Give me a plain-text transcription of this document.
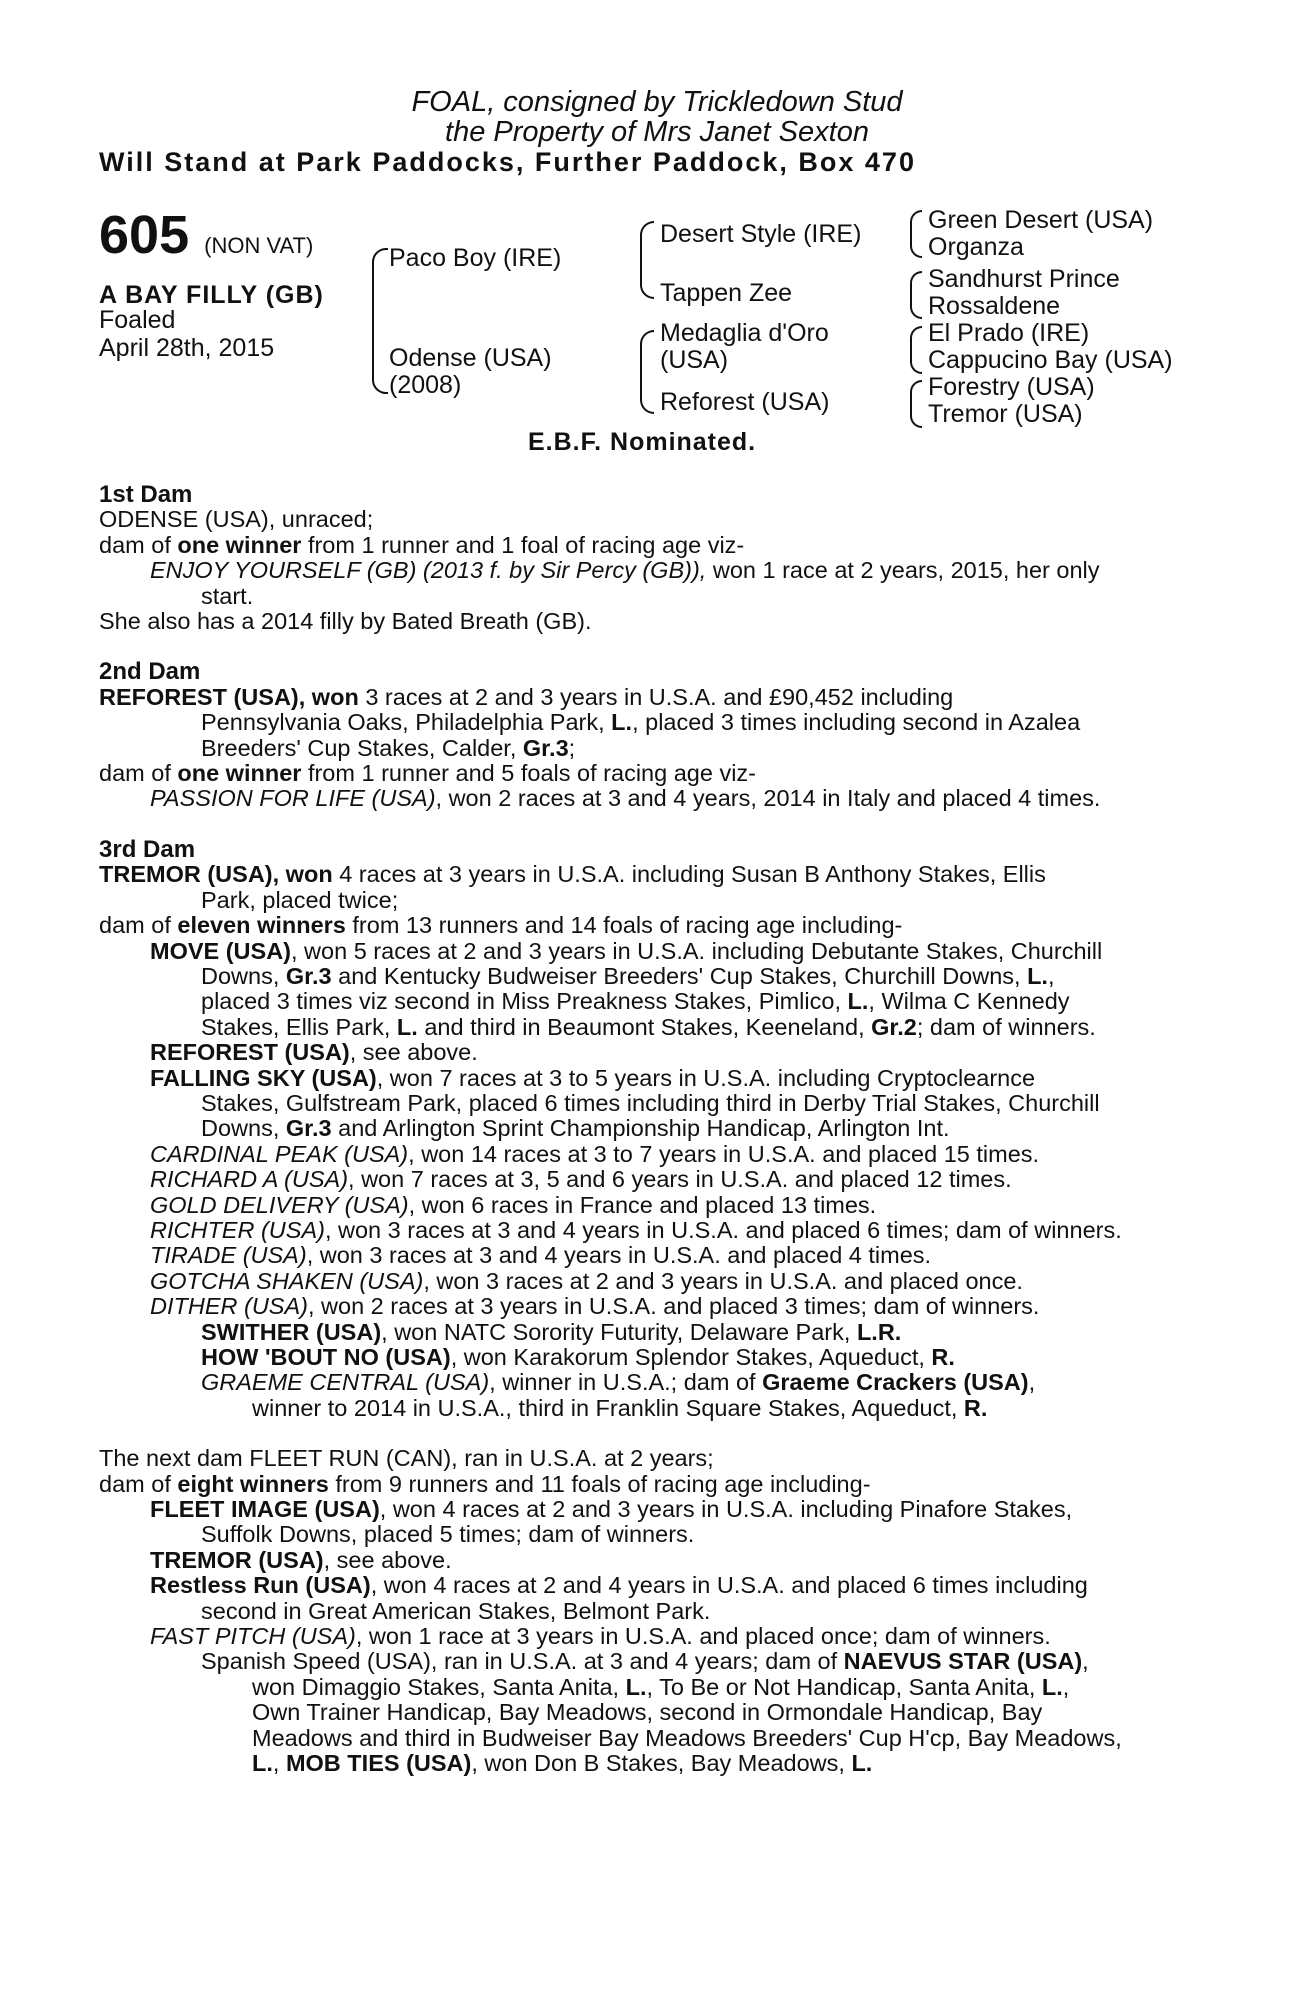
FOAL, consigned by Trickledown Stud
the Property of Mrs Janet Sexton
Will Stand at Park Paddocks, Further Paddock, Box 470
605 (NON VAT)
A BAY FILLY (GB)
Foaled
April 28th, 2015
Paco Boy (IRE)
Odense (USA)
(2008)
Desert Style (IRE)
Tappen Zee
Medaglia d'Oro
(USA)
Reforest (USA)
Green Desert (USA)
Organza
Sandhurst Prince
Rossaldene
El Prado (IRE)
Cappucino Bay (USA)
Forestry (USA)
Tremor (USA)
E.B.F. Nominated.
1st Dam
ODENSE (USA), unraced;
dam of one winner from 1 runner and 1 foal of racing age viz-
ENJOY YOURSELF (GB) (2013 f. by Sir Percy (GB)), won 1 race at 2 years, 2015, her only
start.
She also has a 2014 filly by Bated Breath (GB).
2nd Dam
REFOREST (USA), won 3 races at 2 and 3 years in U.S.A. and £90,452 including
Pennsylvania Oaks, Philadelphia Park, L., placed 3 times including second in Azalea
Breeders' Cup Stakes, Calder, Gr.3;
dam of one winner from 1 runner and 5 foals of racing age viz-
PASSION FOR LIFE (USA), won 2 races at 3 and 4 years, 2014 in Italy and placed 4 times.
3rd Dam
TREMOR (USA), won 4 races at 3 years in U.S.A. including Susan B Anthony Stakes, Ellis
Park, placed twice;
dam of eleven winners from 13 runners and 14 foals of racing age including-
MOVE (USA), won 5 races at 2 and 3 years in U.S.A. including Debutante Stakes, Churchill
Downs, Gr.3 and Kentucky Budweiser Breeders' Cup Stakes, Churchill Downs, L.,
placed 3 times viz second in Miss Preakness Stakes, Pimlico, L., Wilma C Kennedy
Stakes, Ellis Park, L. and third in Beaumont Stakes, Keeneland, Gr.2; dam of winners.
REFOREST (USA), see above.
FALLING SKY (USA), won 7 races at 3 to 5 years in U.S.A. including Cryptoclearnce
Stakes, Gulfstream Park, placed 6 times including third in Derby Trial Stakes, Churchill
Downs, Gr.3 and Arlington Sprint Championship Handicap, Arlington Int.
CARDINAL PEAK (USA), won 14 races at 3 to 7 years in U.S.A. and placed 15 times.
RICHARD A (USA), won 7 races at 3, 5 and 6 years in U.S.A. and placed 12 times.
GOLD DELIVERY (USA), won 6 races in France and placed 13 times.
RICHTER (USA), won 3 races at 3 and 4 years in U.S.A. and placed 6 times; dam of winners.
TIRADE (USA), won 3 races at 3 and 4 years in U.S.A. and placed 4 times.
GOTCHA SHAKEN (USA), won 3 races at 2 and 3 years in U.S.A. and placed once.
DITHER (USA), won 2 races at 3 years in U.S.A. and placed 3 times; dam of winners.
SWITHER (USA), won NATC Sorority Futurity, Delaware Park, L.R.
HOW 'BOUT NO (USA), won Karakorum Splendor Stakes, Aqueduct, R.
GRAEME CENTRAL (USA), winner in U.S.A.; dam of Graeme Crackers (USA),
winner to 2014 in U.S.A., third in Franklin Square Stakes, Aqueduct, R.
The next dam FLEET RUN (CAN), ran in U.S.A. at 2 years;
dam of eight winners from 9 runners and 11 foals of racing age including-
FLEET IMAGE (USA), won 4 races at 2 and 3 years in U.S.A. including Pinafore Stakes,
Suffolk Downs, placed 5 times; dam of winners.
TREMOR (USA), see above.
Restless Run (USA), won 4 races at 2 and 4 years in U.S.A. and placed 6 times including
second in Great American Stakes, Belmont Park.
FAST PITCH (USA), won 1 race at 3 years in U.S.A. and placed once; dam of winners.
Spanish Speed (USA), ran in U.S.A. at 3 and 4 years; dam of NAEVUS STAR (USA),
won Dimaggio Stakes, Santa Anita, L., To Be or Not Handicap, Santa Anita, L.,
Own Trainer Handicap, Bay Meadows, second in Ormondale Handicap, Bay
Meadows and third in Budweiser Bay Meadows Breeders' Cup H'cp, Bay Meadows,
L., MOB TIES (USA), won Don B Stakes, Bay Meadows, L.
